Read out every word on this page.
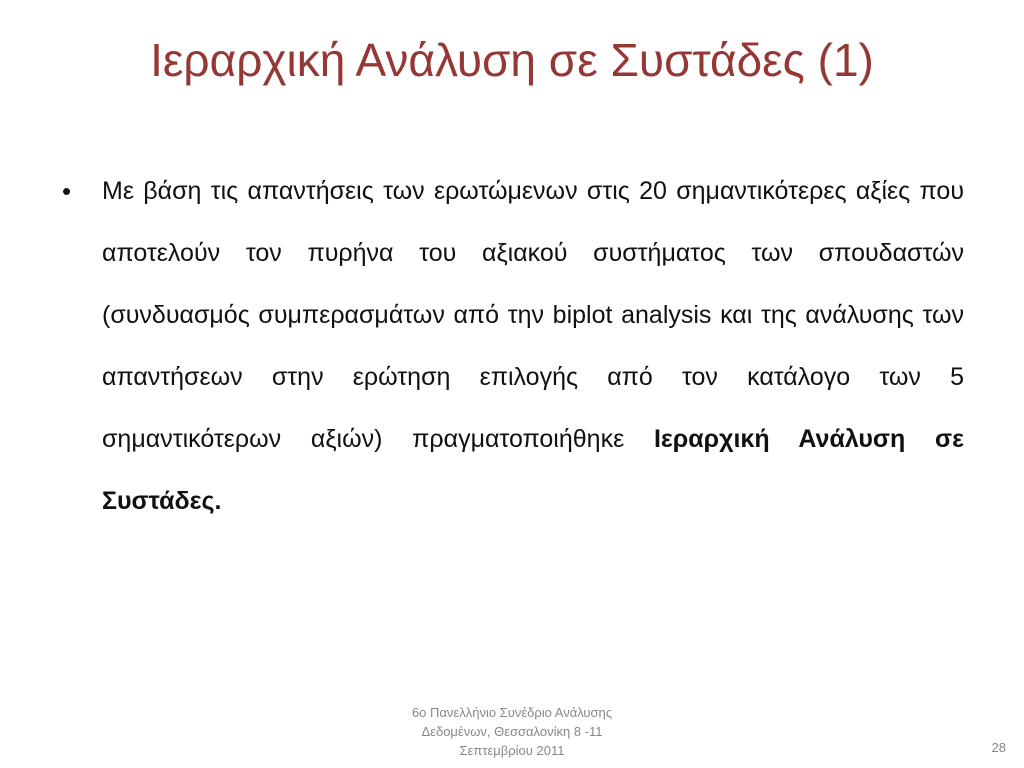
Ιεραρχική Ανάλυση σε Συστάδες (1)
• Με βάση τις απαντήσεις των ερωτώμενων στις 20 σημαντικότερες αξίες που αποτελούν τον πυρήνα του αξιακού συστήματος των σπουδαστών (συνδυασμός συμπερασμάτων από την biplot analysis και της ανάλυσης των απαντήσεων στην ερώτηση επιλογής από τον κατάλογο των 5 σημαντικότερων αξιών) πραγματοποιήθηκε Ιεραρχική Ανάλυση σε Συστάδες.
6ο Πανελλήνιο Συνέδριο Ανάλυσης
Δεδομένων, Θεσσαλονίκη 8 -11
Σεπτεμβρίου 2011	28
